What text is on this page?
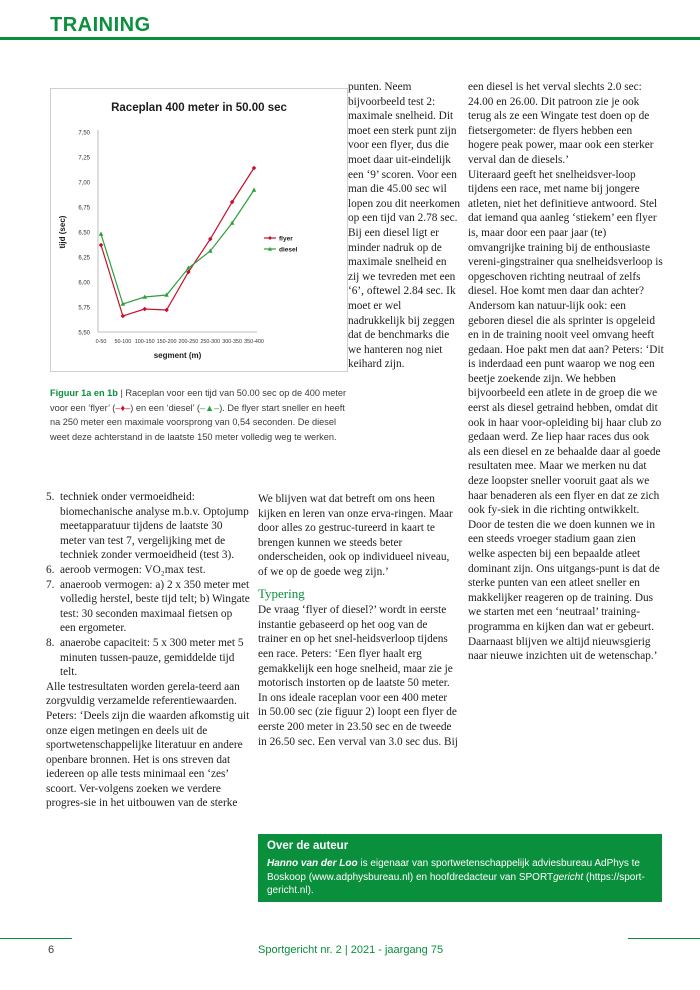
TRAINING
Raceplan 400 meter in 50.00 sec
5,50
5,75
6,00
6,25
6,50
6,75
7,00
7,25
7,50
0-50 50-100 100-150 150-200 200-250 250-300 300-350 350-400
segment (m)
tijd (sec)	flyer
diesel
Figuur 1a en 1b | Raceplan voor een tijd van 50.00 sec op de 400 meter voor een ‘flyer’ (–♦–) en een ‘diesel’ (–▲–). De flyer start sneller en heeft na 250 meter een maximale voorsprong van 0,54 seconden. De diesel weet deze achterstand in de laatste 150 meter volledig weg te werken.

punten. Neem bijvoorbeeld test 2: maximale snelheid. Dit moet een sterk punt zijn voor een flyer, dus die moet daar uit-eindelijk een ‘9’ scoren. Voor een man die 45.00 sec wil lopen zou dit neerkomen op een tijd van 2.78 sec. Bij een diesel ligt er minder nadruk op de maximale snelheid en zij we tevreden met een ‘6’, oftewel 2.84 sec. Ik moet er wel nadrukkelijk bij zeggen dat de benchmarks die we hanteren nog niet keihard zijn.

5. techniek onder vermoeidheid: biomechanische analyse m.b.v. Optojump meetapparatuur tijdens de laatste 30 meter van test 7, vergelijking met de techniek zonder vermoeidheid (test 3).
6. aeroob vermogen: VO₂max test.
7. anaeroob vermogen: a) 2 x 350 meter met volledig herstel, beste tijd telt; b) Wingate test: 30 seconden maximaal fietsen op een ergometer.
8. anaerobe capaciteit: 5 x 300 meter met 5 minuten tussen-pauze, gemiddelde tijd telt.

Alle testresultaten worden gerela-teerd aan zorgvuldig verzamelde referentiewaarden. Peters: ‘Deels zijn die waarden afkomstig uit onze eigen metingen en deels uit de sportwetenschappelijke literatuur en andere openbare bronnen. Het is ons streven dat iedereen op alle tests minimaal een ‘zes’ scoort. Ver-volgens zoeken we verdere progres-sie in het uitbouwen van de sterke

We blijven wat dat betreft om ons heen kijken en leren van onze erva-ringen. Maar door alles zo gestruc-tureerd in kaart te brengen kunnen we steeds beter onderscheiden, ook op individueel niveau, of we op de goede weg zijn.’

Typering

De vraag ‘flyer of diesel?’ wordt in eerste instantie gebaseerd op het oog van de trainer en op het snel-heidsverloop tijdens een race. Peters: ‘Een flyer haalt erg gemakkelijk een hoge snelheid, maar zie je motorisch instorten op de laatste 50 meter.

In ons ideale raceplan voor een 400 meter in 50.00 sec (zie figuur 2) loopt een flyer de eerste 200 meter in 23.50 sec en de tweede in 26.50 sec. Een verval van 3.0 sec dus. Bij

een diesel is het verval slechts 2.0 sec: 24.00 en 26.00. Dit patroon zie je ook terug als ze een Wingate test doen op de fietsergometer: de flyers hebben een hogere peak power, maar ook een sterker verval dan de diesels.’

Uiteraard geeft het snelheidsver-loop tijdens een race, met name bij jongere atleten, niet het definitieve antwoord. Stel dat iemand qua aanleg ‘stiekem’ een flyer is, maar door een paar jaar (te) omvangrijke training bij de enthousiaste vereni-gingstrainer qua snelheidsverloop is opgeschoven richting neutraal of zelfs diesel. Hoe komt men daar dan achter? Andersom kan natuur-lijk ook: een geboren diesel die als sprinter is opgeleid en in de training nooit veel omvang heeft gedaan. Hoe pakt men dat aan? Peters: ‘Dit is inderdaad een punt waarop we nog een beetje zoekende zijn. We hebben bijvoorbeeld een atlete in de groep die we eerst als diesel getraind hebben, omdat dit ook in haar voor-opleiding bij haar club zo gedaan werd. Ze liep haar races dus ook als een diesel en ze behaalde daar al goede resultaten mee. Maar we merken nu dat deze loopster sneller vooruit gaat als we haar benaderen als een flyer en dat ze zich ook fy-siek in die richting ontwikkelt. Door de testen die we doen kunnen we in een steeds vroeger stadium gaan zien welke aspecten bij een bepaalde atleet dominant zijn. Ons uitgangs-punt is dat de sterke punten van een atleet sneller en makkelijker reageren op de training. Dus we starten met een ‘neutraal’ training-programma en kijken dan wat er gebeurt. Daarnaast blijven we altijd nieuwsgierig naar nieuwe inzichten uit de wetenschap.’

Over de auteur
Hanno van der Loo is eigenaar van sportwetenschappelijk adviesbureau AdPhys te Boskoop (www.adphysbureau.nl) en hoofdredacteur van SPORTgericht (https://sport-gericht.nl).
6	Sportgericht nr. 2 | 2021 - jaargang 75
